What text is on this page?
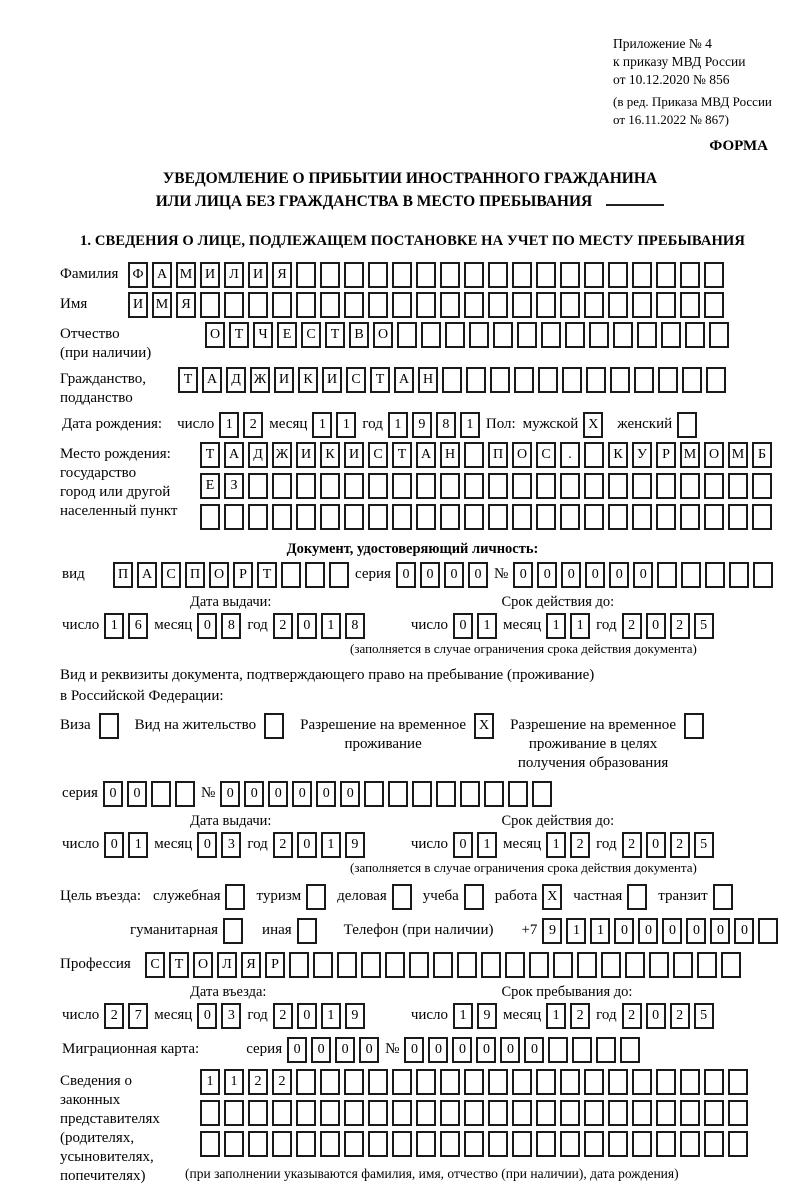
Приложение № 4
к приказу МВД России
от 10.12.2020 № 856
(в ред. Приказа МВД России
от 16.11.2022 № 867)
ФОРМА
УВЕДОМЛЕНИЕ О ПРИБЫТИИ ИНОСТРАННОГО ГРАЖДАНИНА
ИЛИ ЛИЦА БЕЗ ГРАЖДАНСТВА В МЕСТО ПРЕБЫВАНИЯ
1. СВЕДЕНИЯ О ЛИЦЕ, ПОДЛЕЖАЩЕМ ПОСТАНОВКЕ НА УЧЕТ ПО МЕСТУ ПРЕБЫВАНИЯ
Фамилия	Ф А М И	Л	И	Я
Имя	И М Я
Отчество
(при наличии)
О	Т	Ч	Е	С	Т	В	О
Гражданство,
подданство
Т	А	Д Ж И	К	И	С	Т	А Н
Дата рождения: число 1	2 месяц 1	1 год 1	9	8	1 Пол: мужской X	женский
Место рождения:
государство
город или другой
населенный пункт
Т	А	Д Ж И	К	И	С	Т	А Н	П О	С	.	К	У	Р М О М Б
Е	З
Документ, удостоверяющий личность:
вид	П А	С	П О	Р	Т	серия 0	0	0	0 № 0	0	0	0	0	0
Дата выдачи:	Срок действия до:
число 1	6 месяц 0	8 год 2	0	1	8	число 0	1 месяц 1	1 год 2	0	2	5
(заполняется в случае ограничения срока действия документа)
Вид и реквизиты документа, подтверждающего право на пребывание (проживание)
в Российской Федерации:
Виза	Вид на жительство	Разрешение на временное
проживание
X	Разрешение на временное
проживание в целях
получения образования
серия 0	0	№ 0	0	0	0	0	0
Дата выдачи:	Срок действия до:
число 0	1 месяц 0	3 год 2	0	1	9	число 0	1 месяц 1	2 год 2	0	2	5
(заполняется в случае ограничения срока действия документа)
Цель въезда: служебная туризм деловая учеба работа X	частная транзит
гуманитарная	иная	Телефон (при наличии) +7 9	1	1	0	0	0	0	0	0
Профессия	С	Т	О	Л	Я	Р
Дата въезда:	Срок пребывания до:
число 2	7 месяц 0	3 год 2	0	1	9	число 1	9 месяц 1	2 год 2	0	2	5
Миграционная карта:	серия 0	0	0	0 № 0	0	0	0	0	0
Сведения о
законных
представителях
(родителях,
усыновителях,
попечителях)
1	1	2	2
(при заполнении указываются фамилия, имя, отчество (при наличии), дата рождения)
